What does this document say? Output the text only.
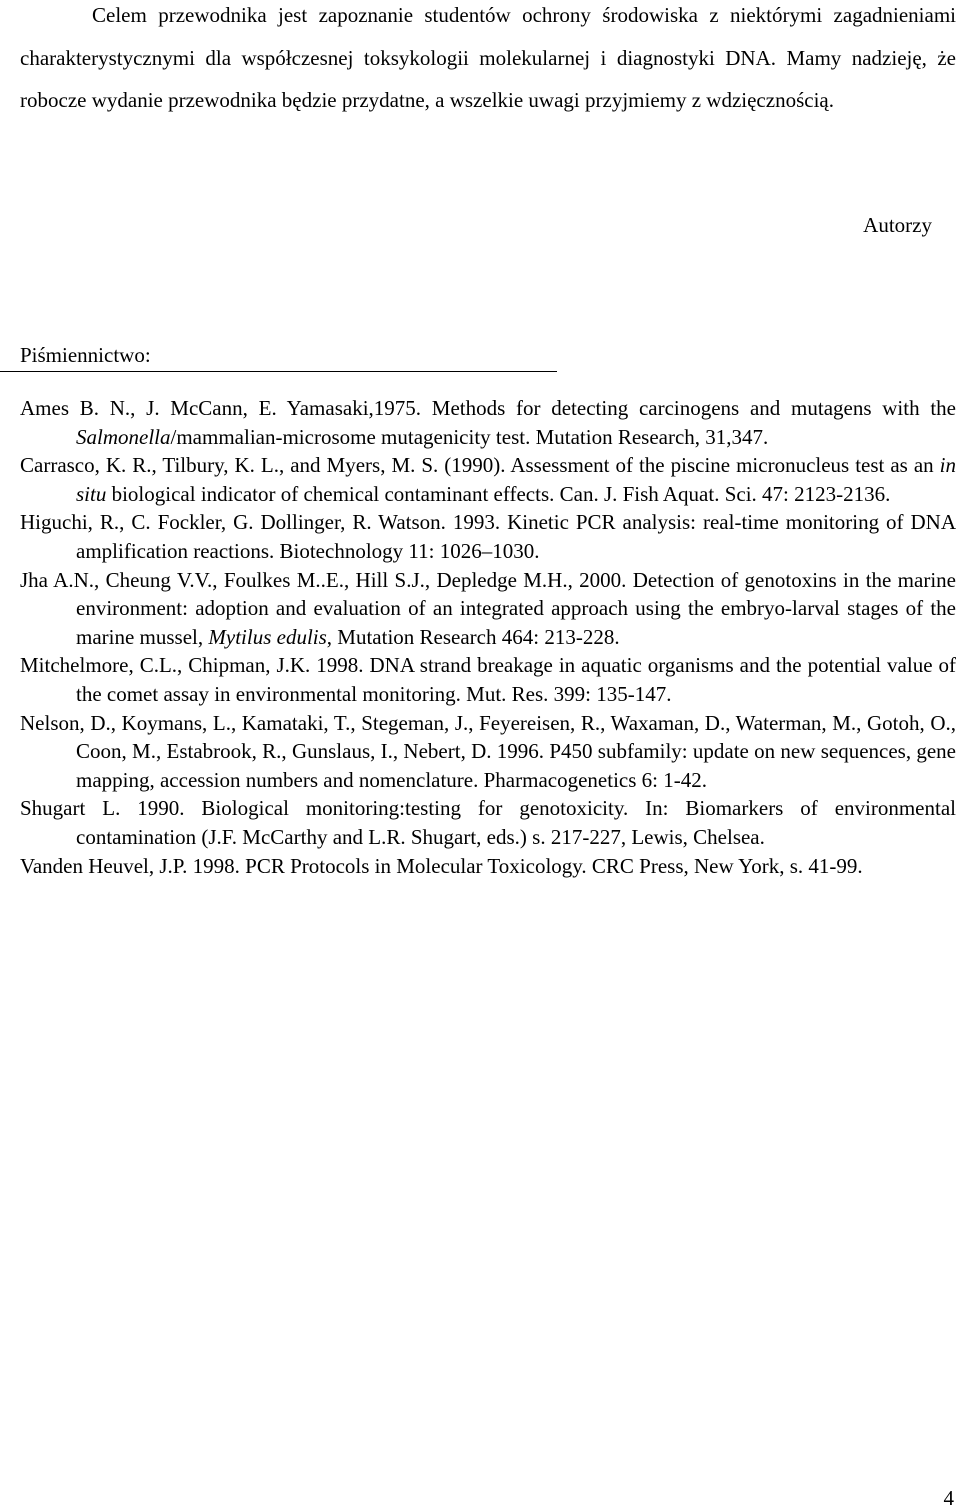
Celem przewodnika jest zapoznanie studentów ochrony środowiska z niektórymi zagadnieniami charakterystycznymi dla współczesnej toksykologii molekularnej i diagnostyki DNA. Mamy nadzieję, że robocze wydanie przewodnika będzie przydatne, a wszelkie uwagi przyjmiemy z wdzięcznością.

Autorzy
Piśmiennictwo:
Ames B. N., J. McCann, E. Yamasaki,1975. Methods for detecting carcinogens and mutagens with the Salmonella/mammalian-microsome mutagenicity test. Mutation Research, 31,347.
Carrasco, K. R., Tilbury, K. L., and Myers, M. S. (1990). Assessment of the piscine micronucleus test as an in situ biological indicator of chemical contaminant effects. Can. J. Fish Aquat. Sci. 47: 2123-2136.
Higuchi, R., C. Fockler, G. Dollinger, R. Watson. 1993. Kinetic PCR analysis: real-time monitoring of DNA amplification reactions. Biotechnology 11: 1026–1030.
Jha A.N., Cheung V.V., Foulkes M..E., Hill S.J., Depledge M.H., 2000. Detection of genotoxins in the marine environment: adoption and evaluation of an integrated approach using the embryo-larval stages of the marine mussel, Mytilus edulis, Mutation Research 464: 213-228.
Mitchelmore, C.L., Chipman, J.K. 1998. DNA strand breakage in aquatic organisms and the potential value of the comet assay in environmental monitoring. Mut. Res. 399: 135-147.
Nelson, D., Koymans, L., Kamataki, T., Stegeman, J., Feyereisen, R., Waxaman, D., Waterman, M., Gotoh, O., Coon, M., Estabrook, R., Gunslaus, I., Nebert, D. 1996. P450 subfamily: update on new sequences, gene mapping, accession numbers and nomenclature. Pharmacogenetics 6: 1-42.
Shugart L. 1990. Biological monitoring:testing for genotoxicity. In: Biomarkers of environmental contamination (J.F. McCarthy and L.R. Shugart, eds.) s. 217-227, Lewis, Chelsea.
Vanden Heuvel, J.P. 1998. PCR Protocols in Molecular Toxicology. CRC Press, New York, s. 41-99.
4
